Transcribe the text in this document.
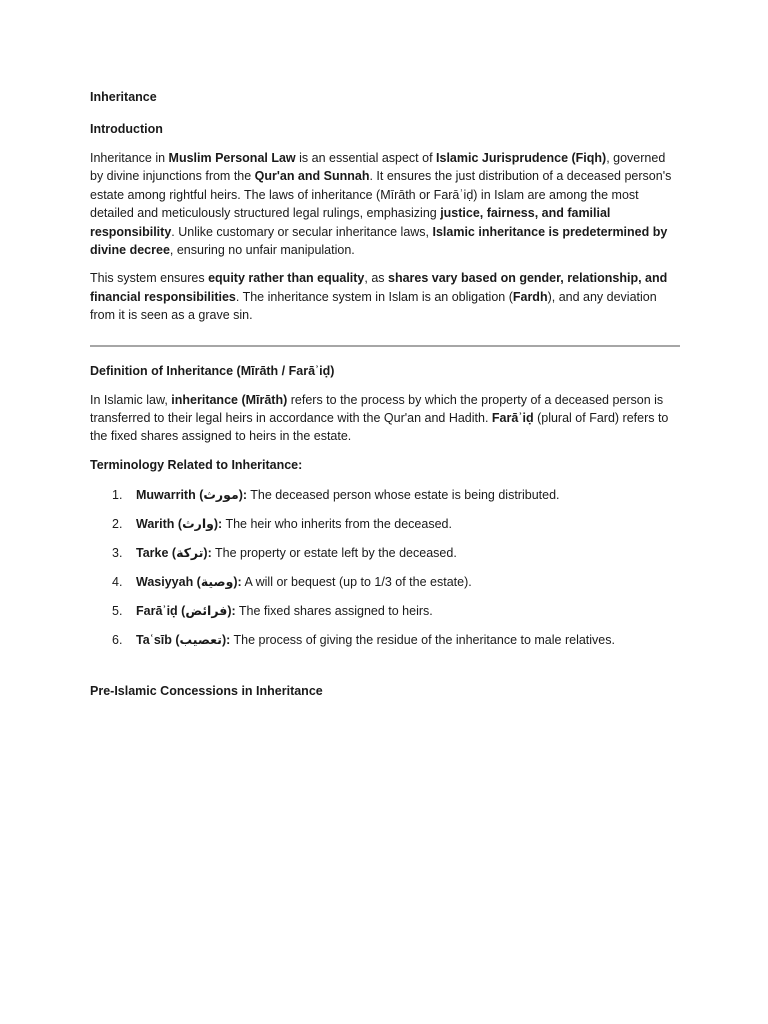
Inheritance
Introduction

Inheritance in Muslim Personal Law is an essential aspect of Islamic Jurisprudence (Fiqh), governed by divine injunctions from the Qur'an and Sunnah. It ensures the just distribution of a deceased person's estate among rightful heirs. The laws of inheritance (Mīrāth or Farāʾiḍ) in Islam are among the most detailed and meticulously structured legal rulings, emphasizing justice, fairness, and familial responsibility. Unlike customary or secular inheritance laws, Islamic inheritance is predetermined by divine decree, ensuring no unfair manipulation.

This system ensures equity rather than equality, as shares vary based on gender, relationship, and financial responsibilities. The inheritance system in Islam is an obligation (Fardh), and any deviation from it is seen as a grave sin.

Definition of Inheritance (Mīrāth / Farāʾiḍ)

In Islamic law, inheritance (Mīrāth) refers to the process by which the property of a deceased person is transferred to their legal heirs in accordance with the Qur'an and Hadith. Farāʾiḍ (plural of Fard) refers to the fixed shares assigned to heirs in the estate.

Terminology Related to Inheritance:
1. Muwarrith (مورث): The deceased person whose estate is being distributed.
2. Warith (وارث): The heir who inherits from the deceased.
3. Tarke (تركة): The property or estate left by the deceased.
4. Wasiyyah (وصية): A will or bequest (up to 1/3 of the estate).
5. Farāʾiḍ (فرائض): The fixed shares assigned to heirs.
6. Taʿsīb (تعصيب): The process of giving the residue of the inheritance to male relatives.
Pre-Islamic Concessions in Inheritance
